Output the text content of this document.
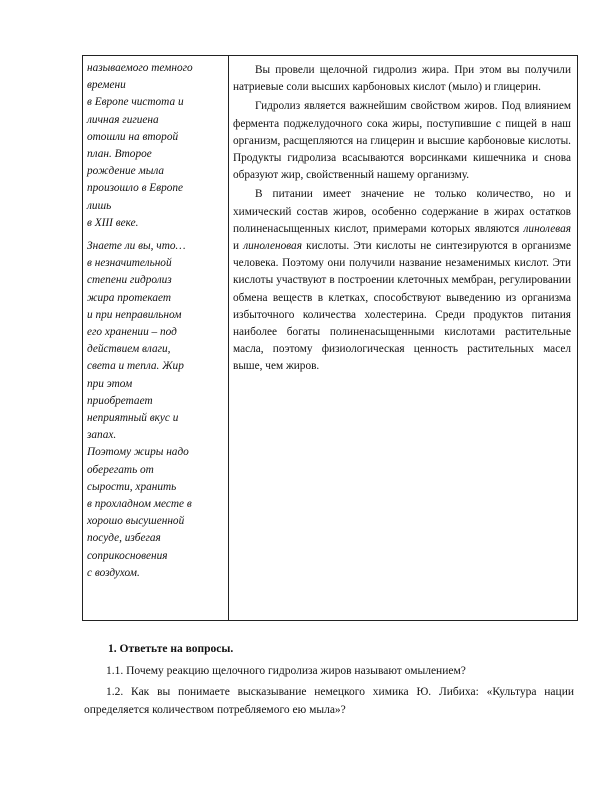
называемого темного
времени
в Европе чистота и
личная гигиена
отошли на второй
план. Второе
рождение мыла
произошло в Европе
лишь
в XIII веке.
Знаете ли вы, что…
в незначительной
степени гидролиз
жира протекает
и при неправильном
его хранении – под
действием влаги,
света и тепла. Жир
при этом
приобретает
неприятный вкус и
запах.
Поэтому жиры надо
оберегать от
сырости, хранить
в прохладном месте в
хорошо высушенной
посуде, избегая
соприкосновения
с воздухом.

Вы провели щелочной гидролиз жира. При этом вы получили натриевые соли высших карбоновых кислот (мыло) и глицерин.

Гидролиз является важнейшим свойством жиров. Под влиянием фермента поджелудочного сока жиры, поступившие с пищей в наш организм, расщепляются на глицерин и высшие карбоновые кислоты. Продукты гидролиза всасываются ворсинками кишечника и снова образуют жир, свойственный нашему организму.

В питании имеет значение не только количество, но и химический состав жиров, особенно содержание в жирах остатков полиненасыщенных кислот, примерами которых являются линолевая и линоленовая кислоты. Эти кислоты не синтезируются в организме человека. Поэтому они получили название незаменимых кислот. Эти кислоты участвуют в построении клеточных мембран, регулировании обмена веществ в клетках, способствуют выведению из организма избыточного количества холестерина. Среди продуктов питания наиболее богаты полиненасыщенными кислотами растительные масла, поэтому физиологическая ценность растительных масел выше, чем жиров.

1. Ответьте на вопросы.

1.1. Почему реакцию щелочного гидролиза жиров называют омылением?

1.2. Как вы понимаете высказывание немецкого химика Ю. Либиха: «Культура нации определяется количеством потребляемого ею мыла»?
